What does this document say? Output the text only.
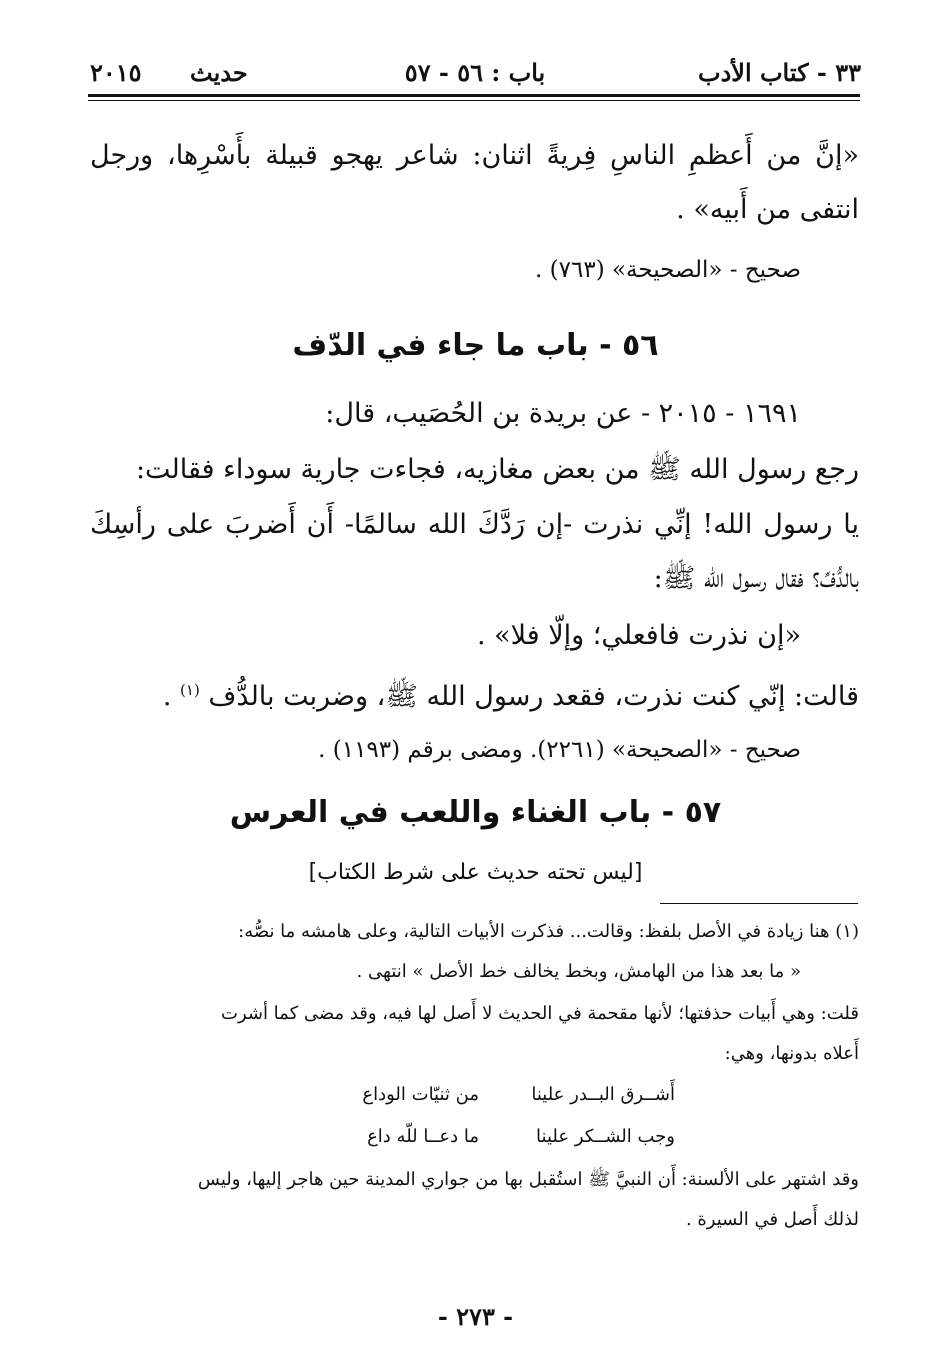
٣٣ - كتاب الأدب
باب : ٥٦ - ٥٧
حديث
٢٠١٥
«إنَّ من أَعظمِ الناسِ فِريةً اثنان: شاعر يهجو قبيلة بأَسْرِها، ورجل
انتفى من أَبيه» .
صحيح - «الصحيحة» (٧٦٣) .
٥٦ - باب ما جاء في الدّف
١٦٩١ - ٢٠١٥ - عن بريدة بن الحُصَيب، قال:
رجع رسول الله ﷺ من بعض مغازيه، فجاءت جارية سوداء فقالت:
يا رسول الله! إنِّي نذرت -إن رَدَّكَ الله سالمًا- أَن أَضربَ على رأسِكَ
بالدُّفِّ؟ فقال رسول الله ﷺ:
«إن نذرت فافعلي؛ وإلّا فلا» .
قالت: إنّي كنت نذرت، فقعد رسول الله ﷺ، وضربت بالدُّف $^{(١)}$ .
صحيح - «الصحيحة» (٢٢٦١). ومضى برقم (١١٩٣) .
٥٧ - باب الغناء واللعب في العرس
[ليس تحته حديث على شرط الكتاب]
(١) هنا زيادة في الأصل بلفظ: وقالت... فذكرت الأبيات التالية، وعلى هامشه ما نصُّه:
« ما بعد هذا من الهامش، وبخط يخالف خط الأصل » انتهى .
قلت: وهي أَبيات حذفتها؛ لأنها مقحمة في الحديث لا أَصل لها فيه، وقد مضى كما أشرت
أَعلاه بدونها، وهي:
أَشــرق البــدر علينا
من ثنيّات الوداع
وجب الشــكر علينا
ما دعــا للّه داع
وقد اشتهر على الألسنة: أَن النبيَّ ﷺ استُقبل بها من جواري المدينة حين هاجر إليها، وليس
لذلك أَصل في السيرة .
- ٢٧٣ -
